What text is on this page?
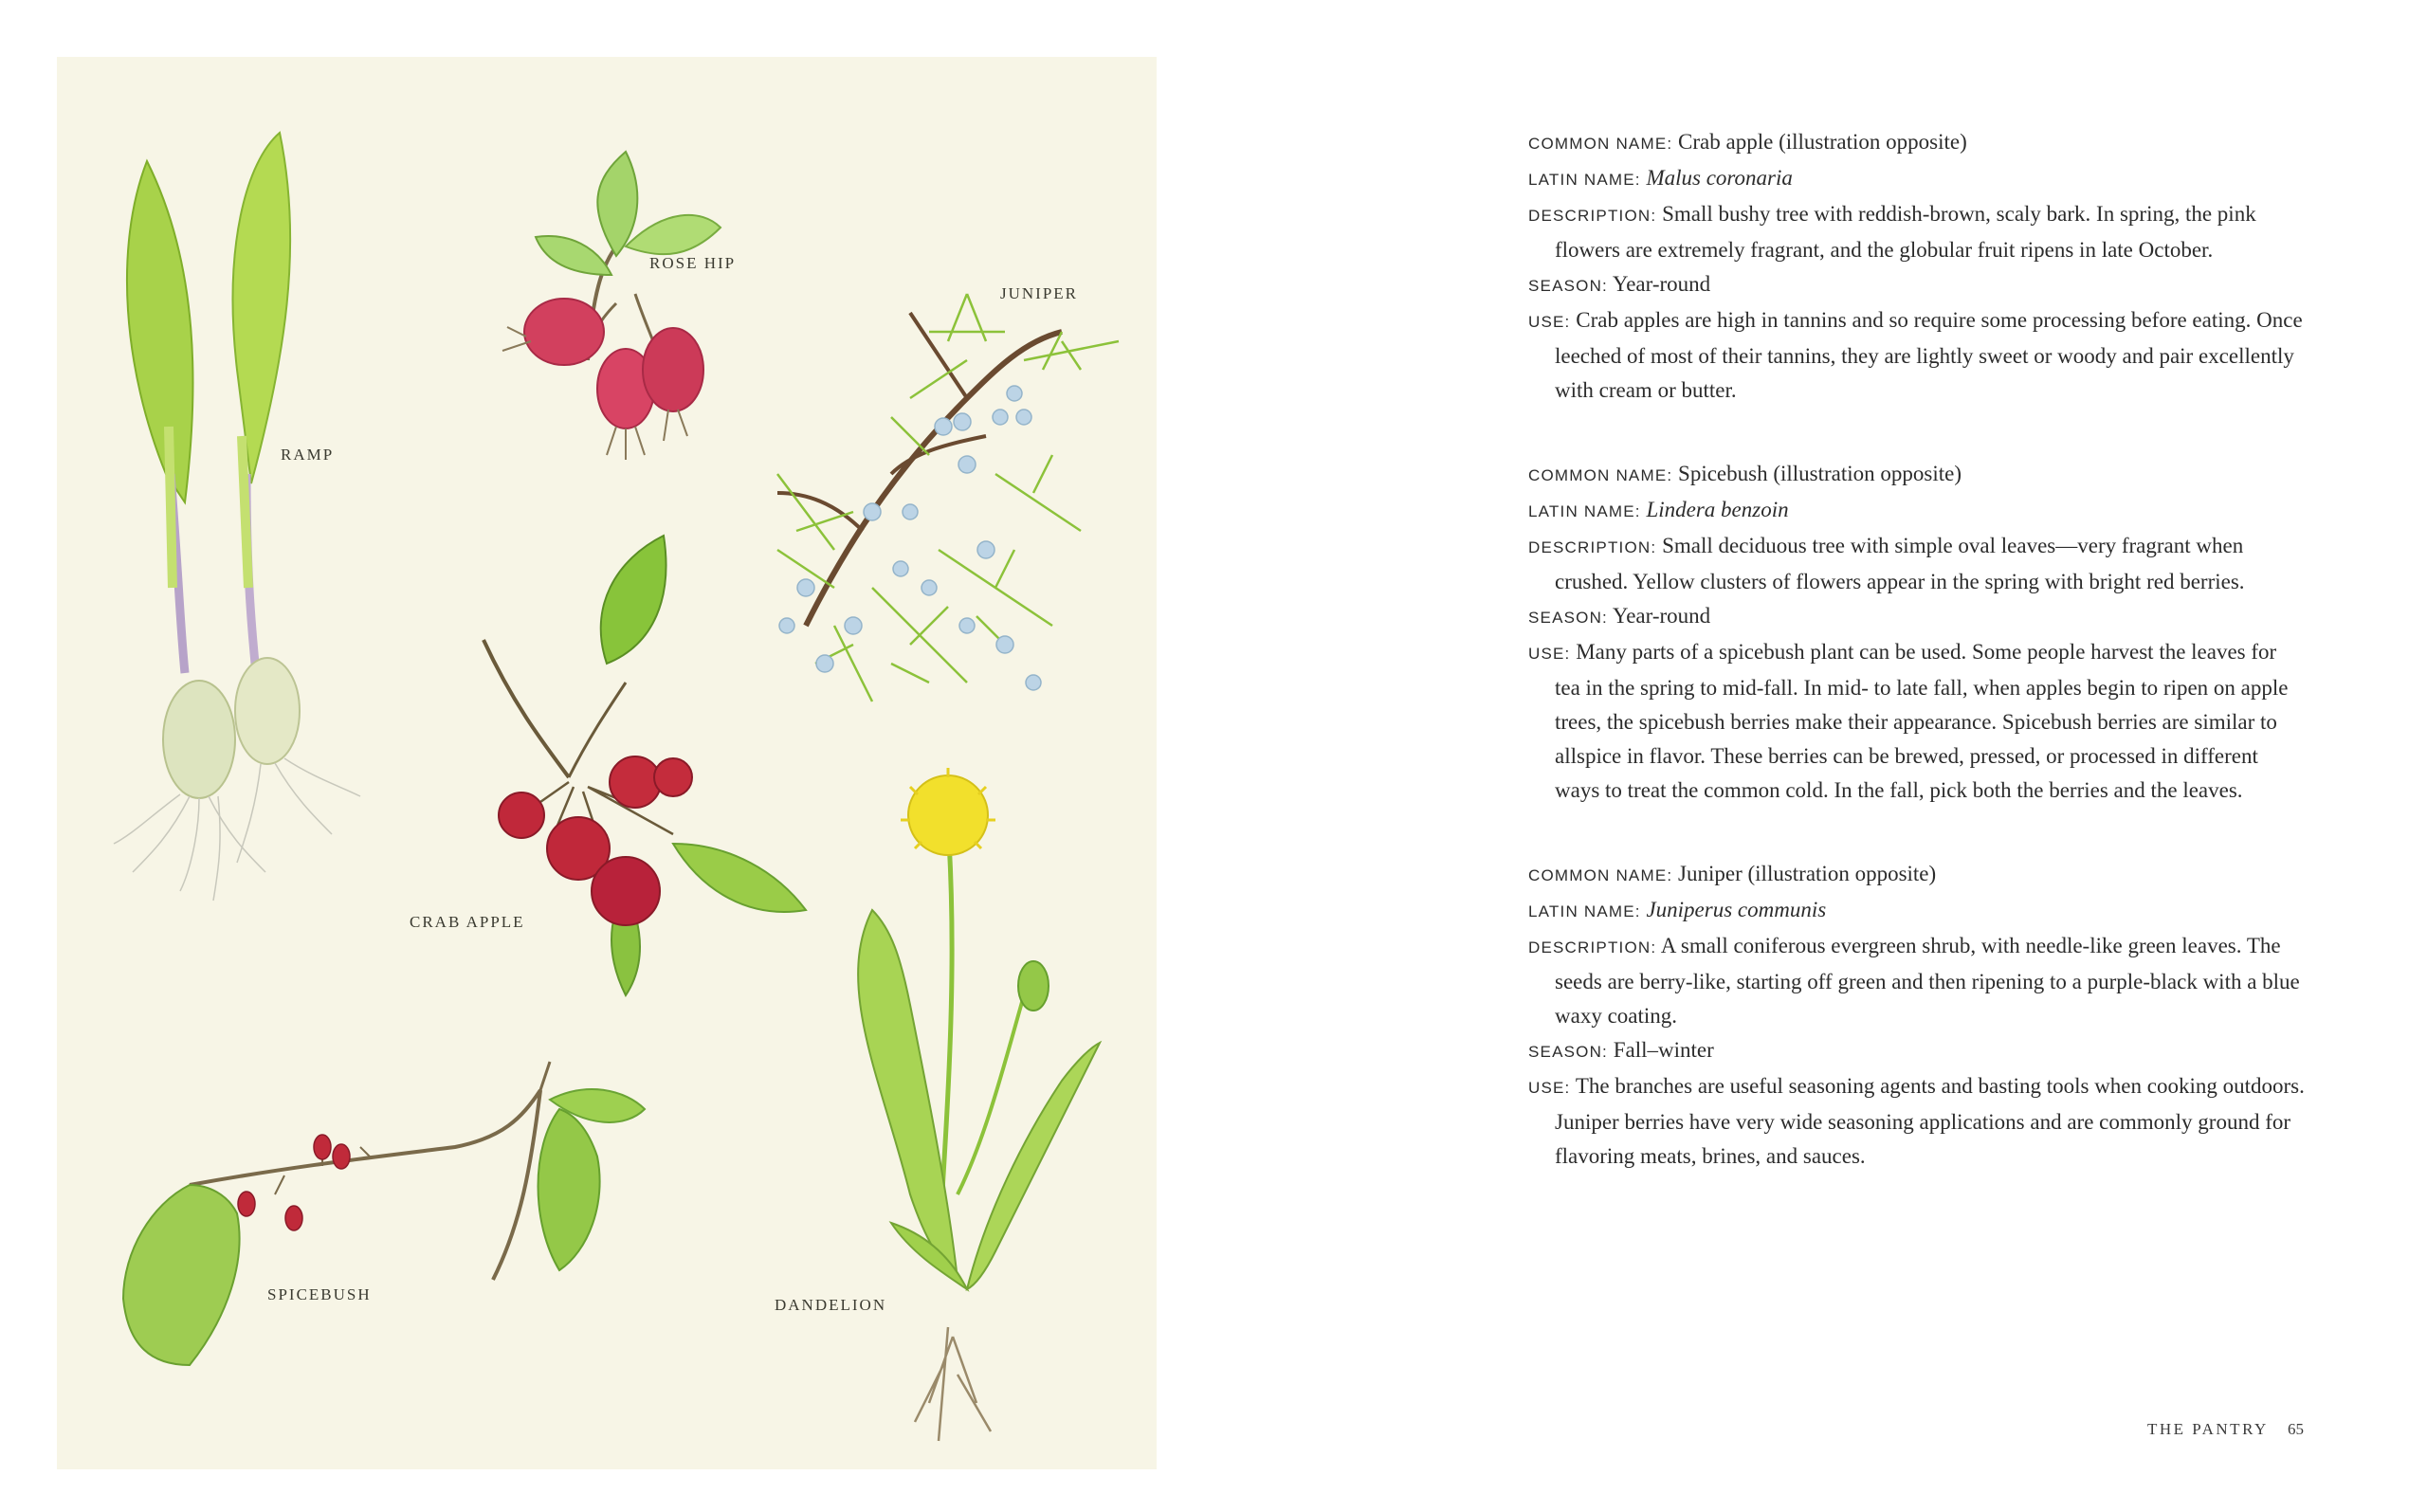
RAMP
ROSE HIP
JUNIPER
CRAB APPLE
SPICEBUSH
DANDELION
COMMON NAME: Crab apple (illustration opposite)
LATIN NAME: Malus coronaria
DESCRIPTION: Small bushy tree with reddish-brown, scaly bark. In spring, the pink flowers are extremely fragrant, and the globular fruit ripens in late October.
SEASON: Year-round
USE: Crab apples are high in tannins and so require some processing before eating. Once leeched of most of their tannins, they are lightly sweet or woody and pair excellently with cream or butter.
COMMON NAME: Spicebush (illustration opposite)
LATIN NAME: Lindera benzoin
DESCRIPTION: Small deciduous tree with simple oval leaves—very fragrant when crushed. Yellow clusters of flowers appear in the spring with bright red berries.
SEASON: Year-round
USE: Many parts of a spicebush plant can be used. Some people harvest the leaves for tea in the spring to mid-fall. In mid- to late fall, when apples begin to ripen on apple trees, the spicebush berries make their appearance. Spicebush berries are similar to allspice in flavor. These berries can be brewed, pressed, or processed in different ways to treat the common cold. In the fall, pick both the berries and the leaves.
COMMON NAME: Juniper (illustration opposite)
LATIN NAME: Juniperus communis
DESCRIPTION: A small coniferous evergreen shrub, with needle-like green leaves. The seeds are berry-like, starting off green and then ripening to a purple-black with a blue waxy coating.
SEASON: Fall–winter
USE: The branches are useful seasoning agents and basting tools when cooking outdoors. Juniper berries have very wide seasoning applications and are commonly ground for flavoring meats, brines, and sauces.
THE PANTRY 65
